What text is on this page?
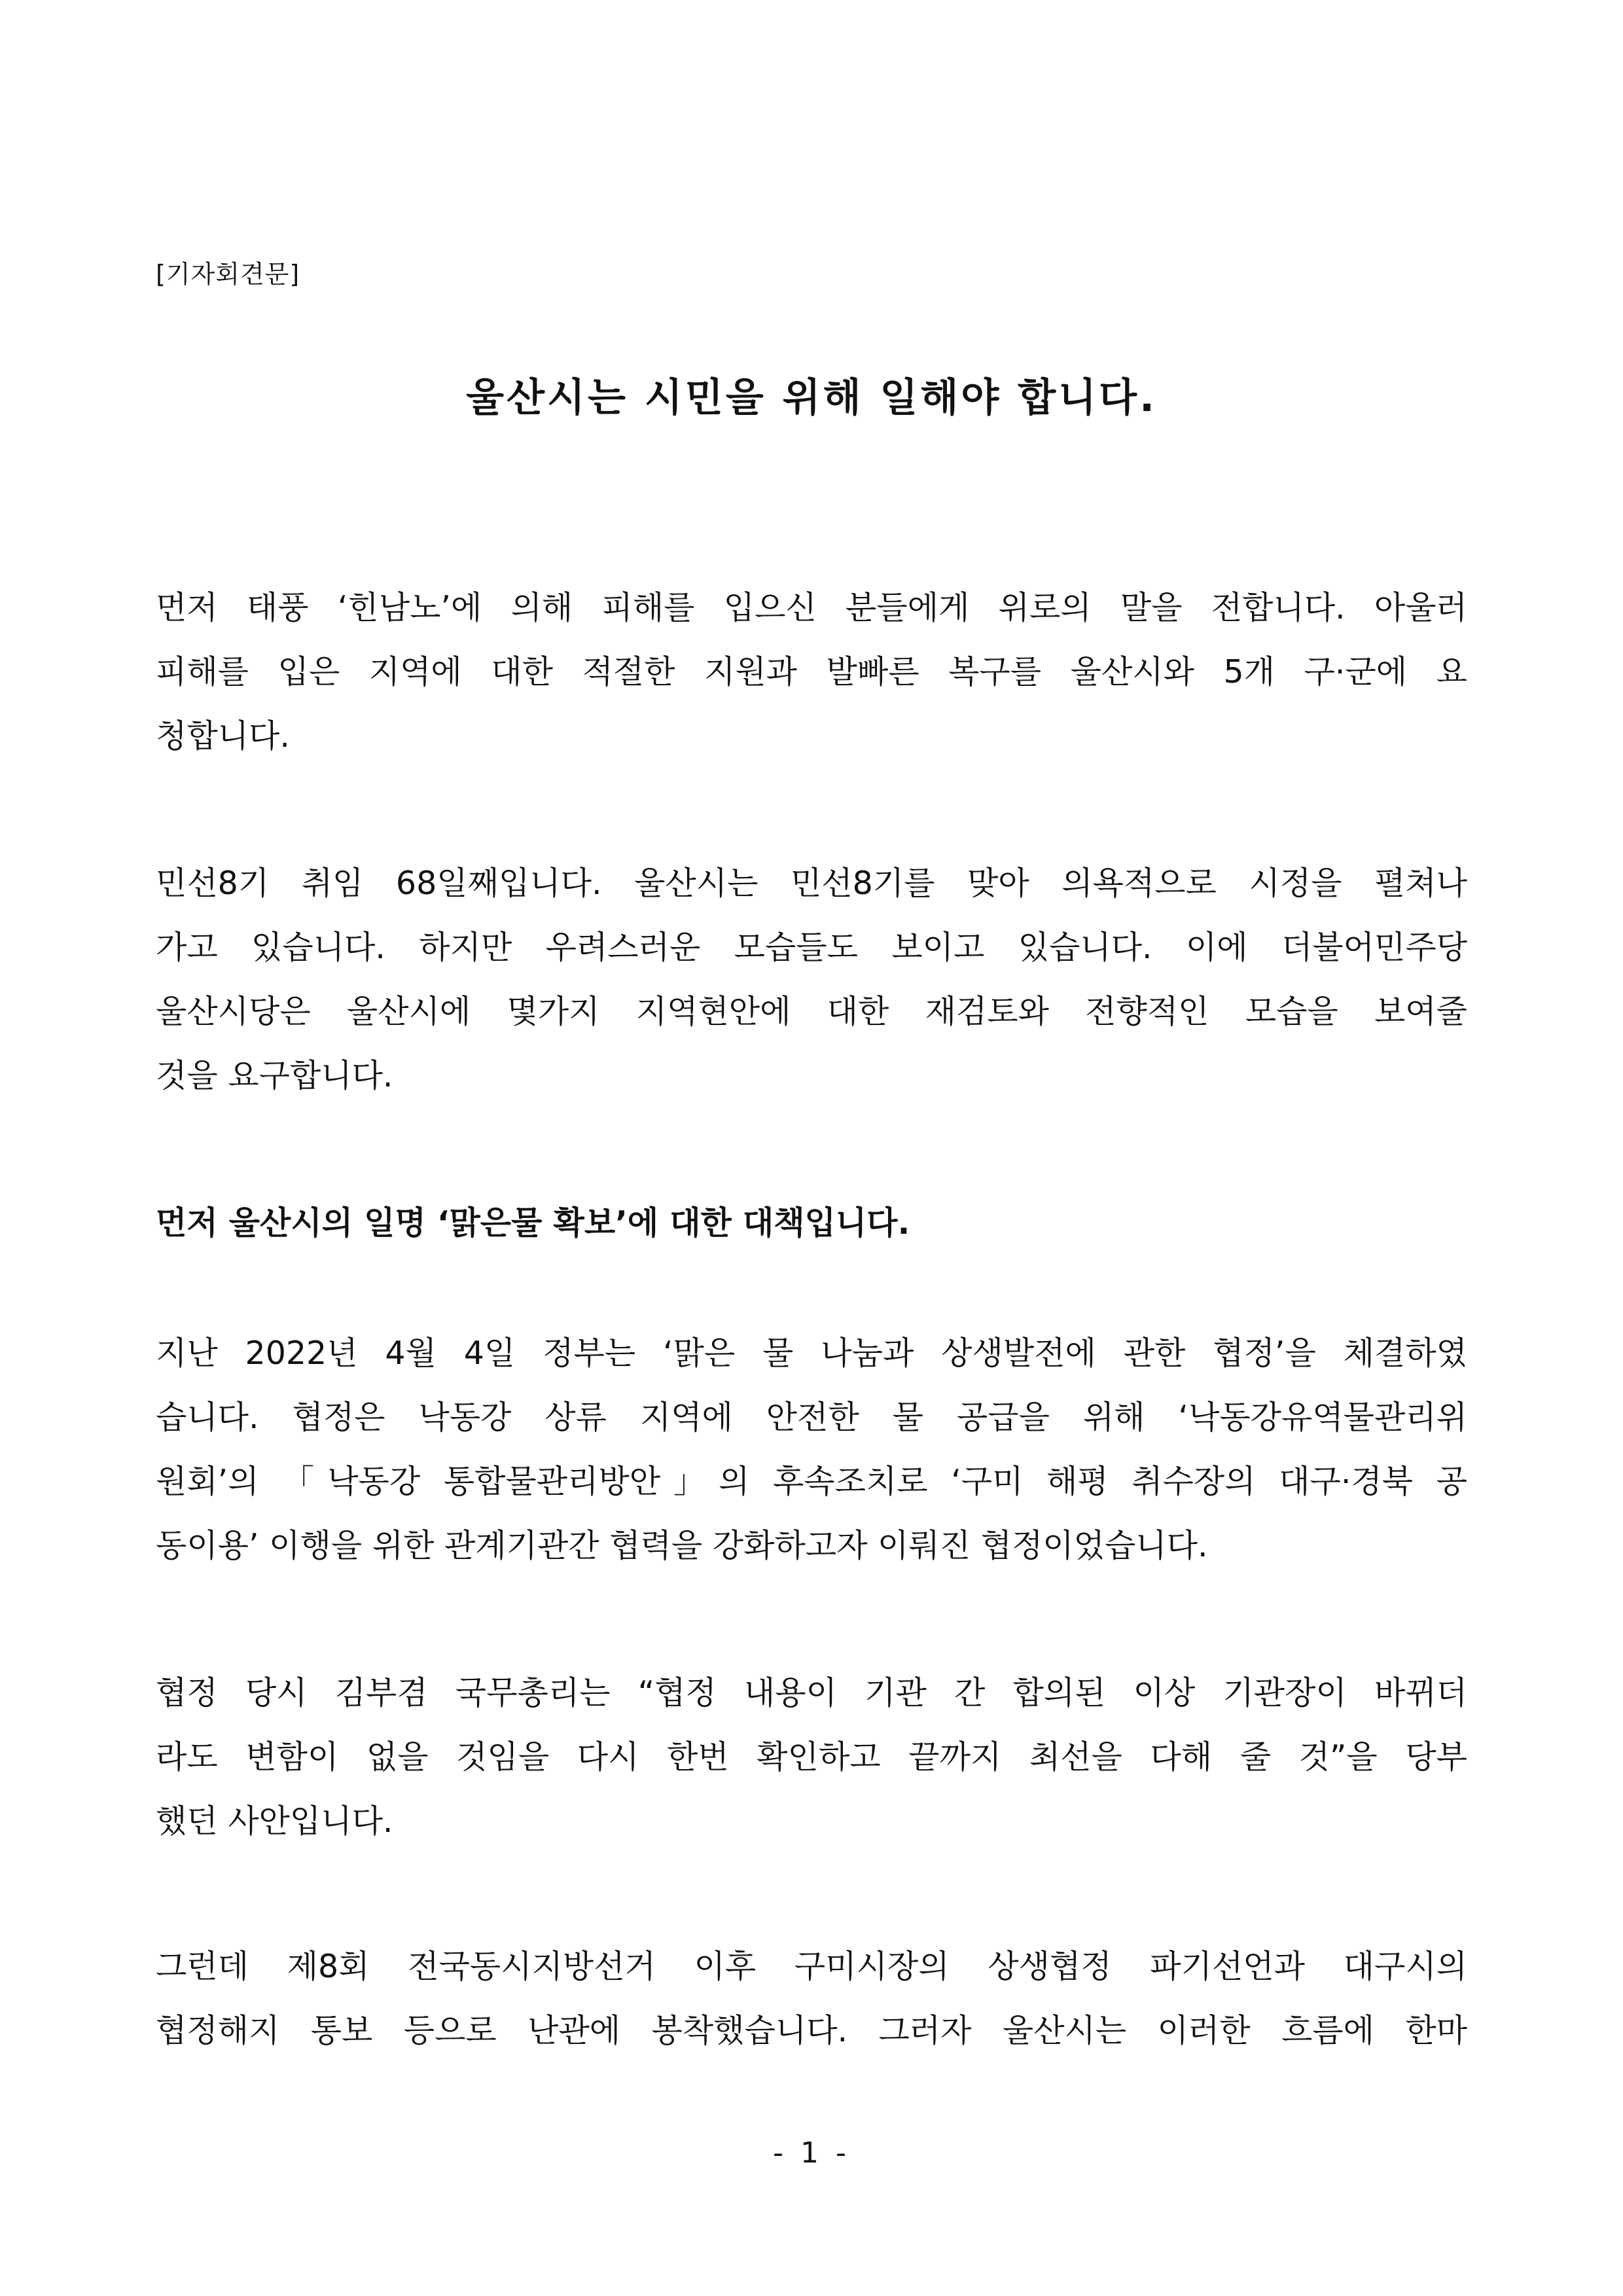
[기자회견문]
울산시는 시민을 위해 일해야 합니다.
먼저 태풍 ‘힌남노’에 의해 피해를 입으신 분들에게 위로의 말을 전합니다. 아울러
피해를 입은 지역에 대한 적절한 지원과 발빠른 복구를 울산시와 5개 구·군에 요
청합니다.
민선8기 취임 68일째입니다. 울산시는 민선8기를 맞아 의욕적으로 시정을 펼쳐나
가고 있습니다. 하지만 우려스러운 모습들도 보이고 있습니다. 이에 더불어민주당
울산시당은 울산시에 몇가지 지역현안에 대한 재검토와 전향적인 모습을 보여줄
것을 요구합니다.
먼저 울산시의 일명 ‘맑은물 확보’에 대한 대책입니다.
지난 2022년 4월 4일 정부는 ‘맑은 물 나눔과 상생발전에 관한 협정’을 체결하였
습니다. 협정은 낙동강 상류 지역에 안전한 물 공급을 위해 ‘낙동강유역물관리위
원회’의 「낙동강 통합물관리방안」의 후속조치로 ‘구미 해평 취수장의 대구·경북 공
동이용’ 이행을 위한 관계기관간 협력을 강화하고자 이뤄진 협정이었습니다.
협정 당시 김부겸 국무총리는 “협정 내용이 기관 간 합의된 이상 기관장이 바뀌더
라도 변함이 없을 것임을 다시 한번 확인하고 끝까지 최선을 다해 줄 것”을 당부
했던 사안입니다.
그런데 제8회 전국동시지방선거 이후 구미시장의 상생협정 파기선언과 대구시의
협정해지 통보 등으로 난관에 봉착했습니다. 그러자 울산시는 이러한 흐름에 한마
- 1 -
